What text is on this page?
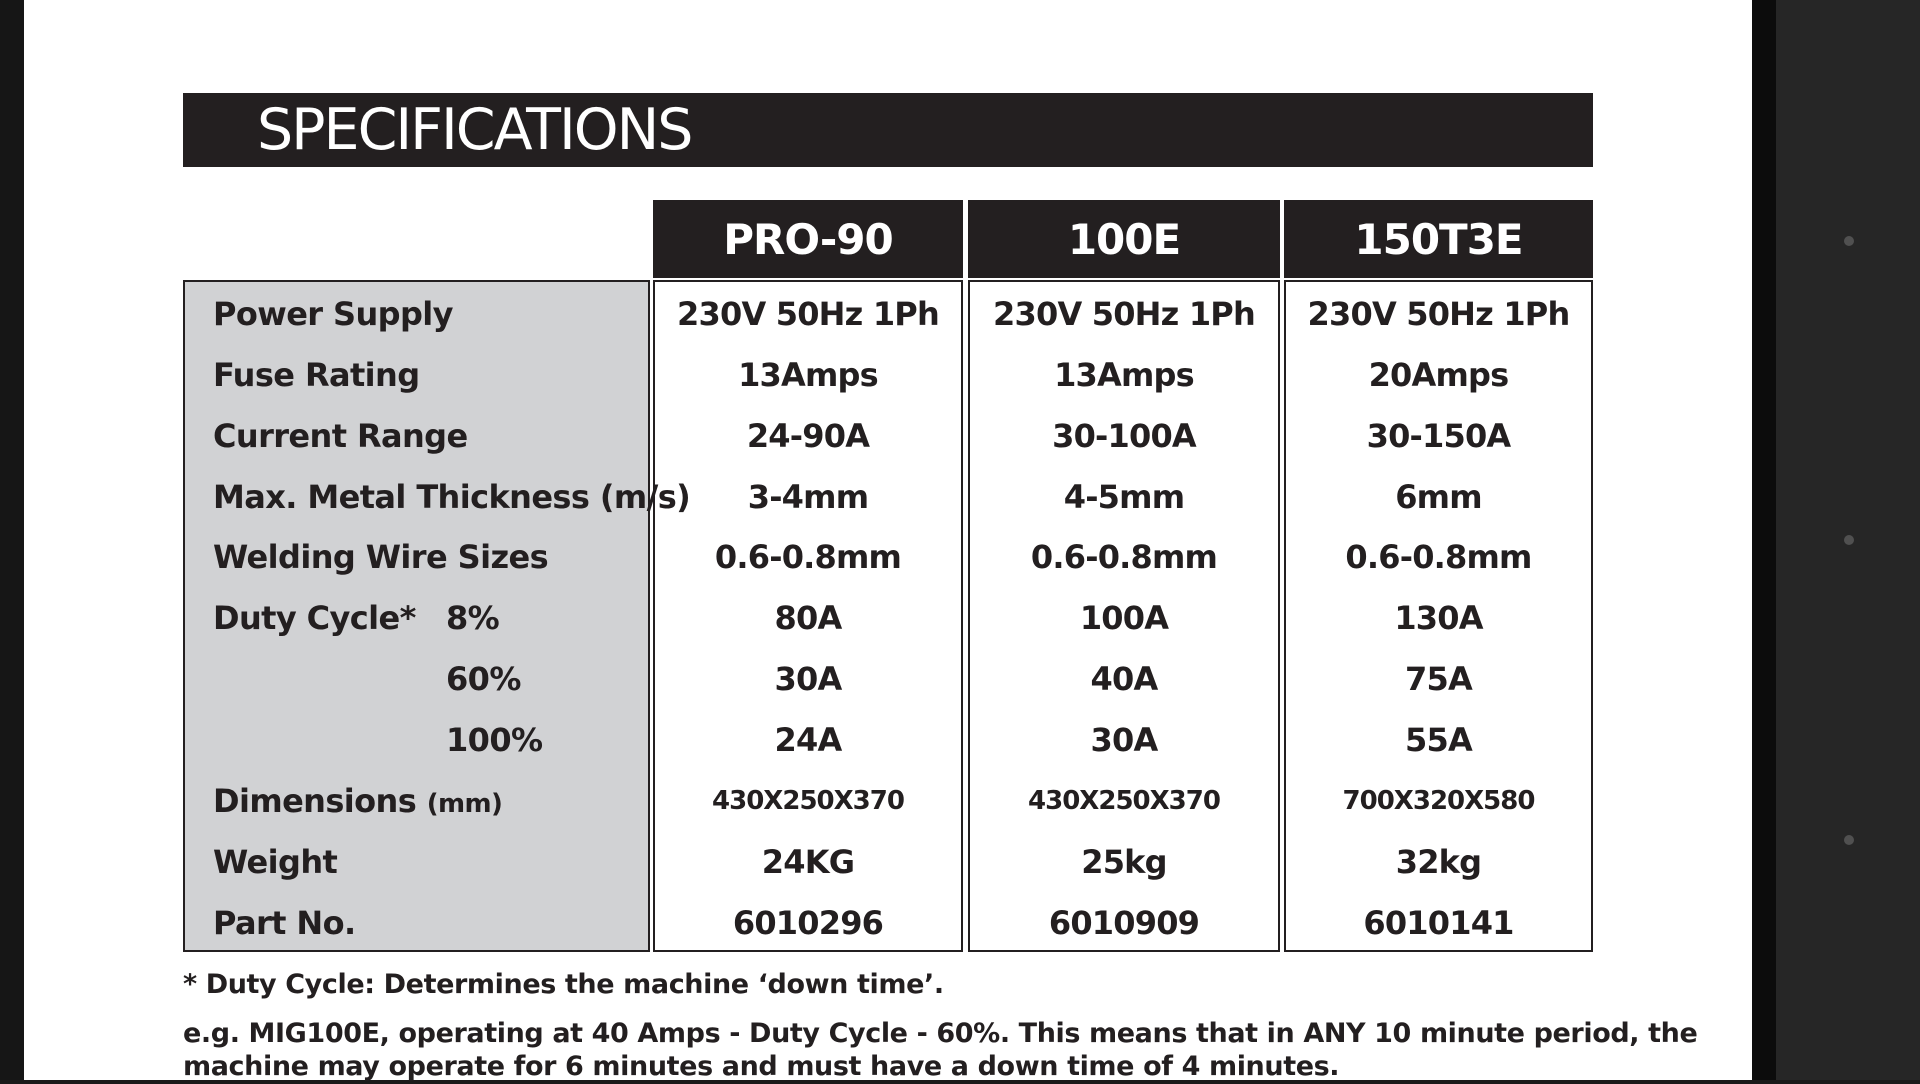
SPECIFICATIONS
PRO-90	100E	150T3E
Power Supply
Fuse Rating
Current Range
Max. Metal Thickness (m/s)
Welding Wire Sizes
Duty Cycle* 8%
60%
100%
Dimensions (mm)
Weight
Part No.
230V 50Hz 1Ph
13Amps
24-90A
3-4mm
0.6-0.8mm
80A
30A
24A
430X250X370
24KG
6010296
230V 50Hz 1Ph
13Amps
30-100A
4-5mm
0.6-0.8mm
100A
40A
30A
430X250X370
25kg
6010909
230V 50Hz 1Ph
20Amps
30-150A
6mm
0.6-0.8mm
130A
75A
55A
700X320X580
32kg
6010141
* Duty Cycle: Determines the machine ‘down time’.
e.g. MIG100E, operating at 40 Amps - Duty Cycle - 60%. This means that in ANY 10 minute period, the
machine may operate for 6 minutes and must have a down time of 4 minutes.
